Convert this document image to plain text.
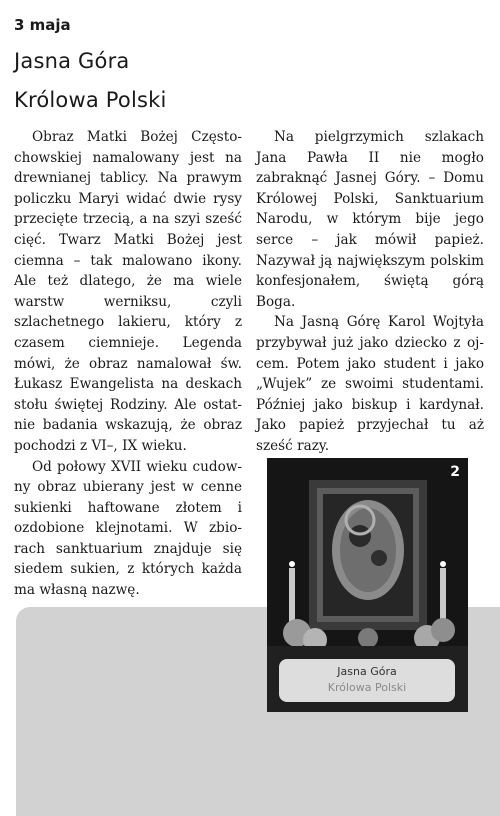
3 maja
Jasna Góra
Królowa Polski

Obraz Matki Bożej Częstochowskiej namalowany jest na drewnianej tablicy. Na prawym policzku Maryi widać dwie rysy przecięte trzecią, a na szyi sześć cięć. Twarz Matki Bożej jest ciemna – tak malowano ikony. Ale też dlatego, że ma wiele warstw werniksu, czyli szlachetnego lakieru, który z czasem ciemnieje. Legenda mówi, że obraz namalował św. Łukasz Ewangelista na deskach stołu świętej Rodziny. Ale ostatnie badania wskazują, że obraz pochodzi z VI–, IX wieku.

Od połowy XVII wieku cudowny obraz ubierany jest w cenne sukienki haftowane złotem i ozdobione klejnotami. W zbiorach sanktuarium znajduje się siedem sukien, z których każda ma własną nazwę.

Na pielgrzymich szlakach Jana Pawła II nie mogło zabraknąć Jasnej Góry. – Domu Królowej Polski, Sanktuarium Narodu, w którym bije jego serce – jak mówił papież. Nazywał ją największym polskim konfesjonałem, świętą górą Boga.

Na Jasną Górę Karol Wojtyła przybywał już jako dziecko z ojcem. Potem jako student i jako „Wujek” ze swoimi studentami. Później jako biskup i kardynał. Jako papież przyjechał tu aż sześć razy.

2
Jasna Góra
Królowa Polski
